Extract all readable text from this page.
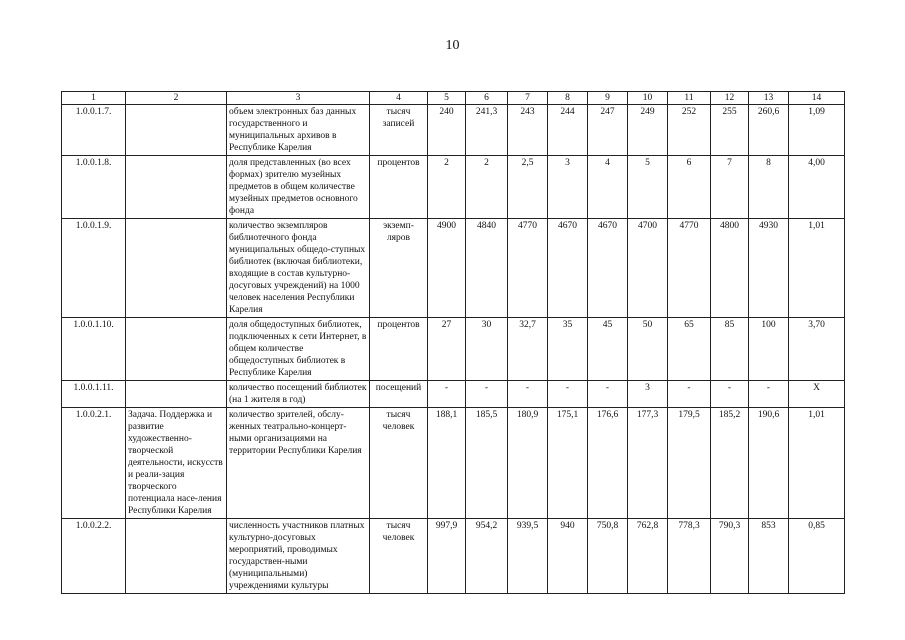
10
1	2	3	4	5	6	7	8	9	10	11	12	13	14
1.0.0.1.7.		объем электронных баз данных государственного и муниципальных архивов в Республике Карелия	тысяч записей	240	241,3	243	244	247	249	252	255	260,6	1,09
1.0.0.1.8.		доля представленных (во всех формах) зрителю музейных предметов в общем количестве музейных предметов основного фонда	процентов	2	2	2,5	3	4	5	6	7	8	4,00
1.0.0.1.9.		количество экземпляров библиотечного фонда муниципальных общедо-ступных библиотек (включая библиотеки, входящие в состав культурно-досуговых учреждений) на 1000 человек населения Республики Карелия	экземп-ляров	4900	4840	4770	4670	4670	4700	4770	4800	4930	1,01
1.0.0.1.10.		доля общедоступных библиотек, подключенных к сети Интернет, в общем количестве общедоступных библиотек в Республике Карелия	процентов	27	30	32,7	35	45	50	65	85	100	3,70
1.0.0.1.11.		количество посещений библиотек (на 1 жителя в год)	посещений	-	-	-	-	-	3	-	-	-	X
1.0.0.2.1.	Задача. Поддержка и развитие художественно-творческой деятельности, искусств и реали-зация творческого потенциала насе-ления Республики Карелия	количество зрителей, обслу-женных театрально-концерт-ными организациями на территории Республики Карелия	тысяч человек	188,1	185,5	180,9	175,1	176,6	177,3	179,5	185,2	190,6	1,01
1.0.0.2.2.		численность участников платных культурно-досуговых мероприятий, проводимых государствен-ными (муниципальными) учреждениями культуры	тысяч человек	997,9	954,2	939,5	940	750,8	762,8	778,3	790,3	853	0,85
